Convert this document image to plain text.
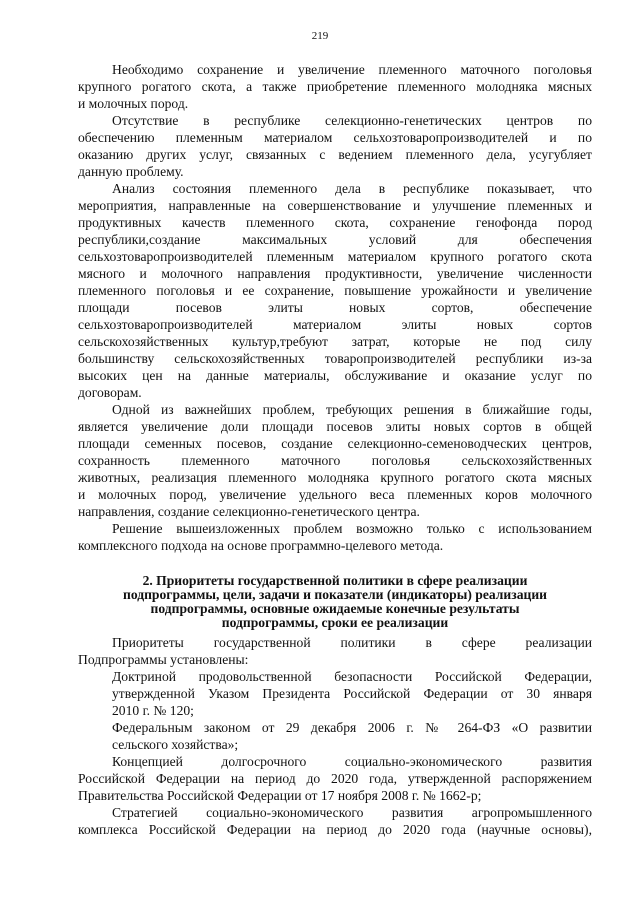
219
Необходимо сохранение и увеличение племенного маточного поголовья
крупного рогатого скота, а также приобретение племенного молодняка мясных
и молочных пород.
Отсутствие в республике селекционно-генетических центров по
обеспечению племенным материалом сельхозтоваропроизводителей и по
оказанию других услуг, связанных с ведением племенного дела, усугубляет
данную проблему.
Анализ состояния племенного дела в республике показывает, что
мероприятия, направленные на совершенствование и улучшение племенных и
продуктивных качеств племенного скота, сохранение генофонда пород
республики,создание максимальных условий для обеспечения
сельхозтоваропроизводителей племенным материалом крупного рогатого скота
мясного и молочного направления продуктивности, увеличение численности
племенного поголовья и ее сохранение, повышение урожайности и увеличение
площади посевов элиты новых сортов, обеспечение
сельхозтоваропроизводителей материалом элиты новых сортов
сельскохозяйственных культур,требуют затрат, которые не под силу
большинству сельскохозяйственных товаропроизводителей республики из-за
высоких цен на данные материалы, обслуживание и оказание услуг по
договорам.
Одной из важнейших проблем, требующих решения в ближайшие годы,
является увеличение доли площади посевов элиты новых сортов в общей
площади семенных посевов, создание селекционно-семеноводческих центров,
сохранность племенного маточного поголовья сельскохозяйственных
животных, реализация племенного молодняка крупного рогатого скота мясных
и молочных пород, увеличение удельного веса племенных коров молочного
направления, создание селекционно-генетического центра.
Решение вышеизложенных проблем возможно только с использованием
комплексного подхода на основе программно-целевого метода.
Приоритеты государственной политики в сфере реализации
Подпрограммы установлены:
Доктриной продовольственной безопасности Российской Федерации,
утвержденной Указом Президента Российской Федерации от 30 января
2010 г. № 120;
Федеральным законом от 29 декабря 2006 г. № 264-ФЗ «О развитии
сельского хозяйства»;
Концепцией долгосрочного социально-экономического развития
Российской Федерации на период до 2020 года, утвержденной распоряжением
Правительства Российской Федерации от 17 ноября 2008 г. № 1662-р;
Стратегией социально-экономического развития агропромышленного
комплекса Российской Федерации на период до 2020 года (научные основы),
2. Приоритеты государственной политики в сфере реализации
подпрограммы, цели, задачи и показатели (индикаторы) реализации
подпрограммы, основные ожидаемые конечные результаты
подпрограммы, сроки ее реализации
